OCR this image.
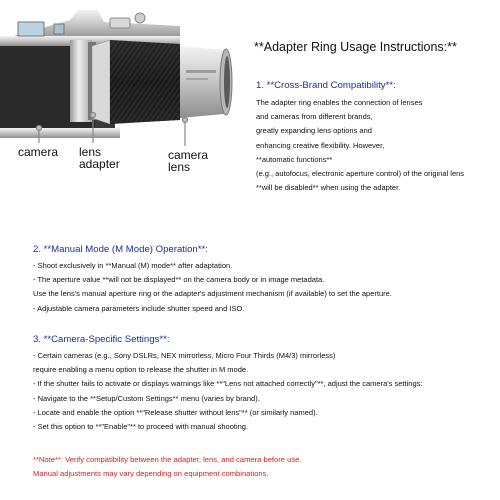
camera lens
adapter
camera
lens
**Adapter Ring Usage Instructions:**
1. **Cross-Brand Compatibility**:
The adapter ring enables the connection of lenses
and cameras from different brands,
greatly expanding lens options and
enhancing creative flexibility. However,
**automatic functions**
(e.g., autofocus, electronic aperture control) of the original lens
**will be disabled** when using the adapter.
2. **Manual Mode (M Mode) Operation**:
- Shoot exclusively in **Manual (M) mode** after adaptation.
- The aperture value **will not be displayed** on the camera body or in image metadata.
Use the lens's manual aperture ring or the adapter's adjustment mechanism (if available) to set the aperture.
- Adjustable camera parameters include shutter speed and ISO.
3. **Camera-Specific Settings**:
- Certain cameras (e.g., Sony DSLRs, NEX mirrorless, Micro Four Thirds (M4/3) mirrorless)
require enabling a menu option to release the shutter in M mode.
- If the shutter fails to activate or displays warnings like **"Lens not attached correctly"**, adjust the camera's settings:
- Navigate to the **Setup/Custom Settings** menu (varies by brand).
- Locate and enable the option **"Release shutter without lens"** (or similarly named).
- Set this option to **"Enable"** to proceed with manual shooting.
**Note**: Verify compatibility between the adapter, lens, and camera before use.
Manual adjustments may vary depending on equipment combinations.
